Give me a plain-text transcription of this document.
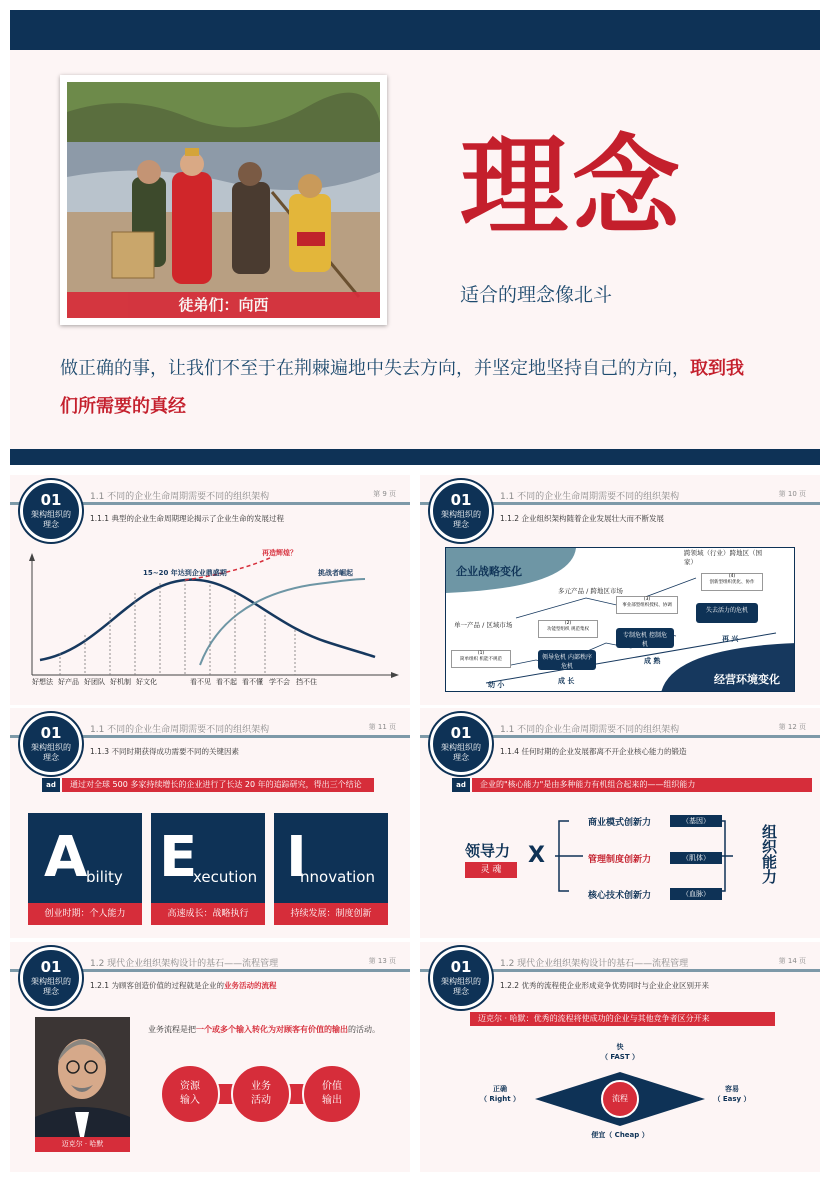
徒弟们：向西
理念
适合的理念像北斗
做正确的事，让我们不至于在荆棘遍地中失去方向，并坚定地坚持自己的方向，取到我们所需要的真经
01
架构组织的理念
1.1 不同的企业生命周期需要不同的组织架构	第 9 页
1.1.1 典型的企业生命周期理论揭示了企业生命的发展过程
15~20 年达到企业鼎盛期
再造辉煌？
挑战者崛起
好想法 好产品 好团队 好机制 好文化	看不见 看不起 看不懂 学不会 挡不住
01
架构组织的理念
1.1 不同的企业生命周期需要不同的组织架构	第 10 页
1.1.2 企业组织架构随着企业发展壮大而不断发展
企业战略变化
经营环境变化
单一产品 / 区域市场
多元产品 / 跨地区市场
跨领域（行业）跨地区（国家）
(1)
简单组织 机能不规范
(2)
功能型组织 规范集权
(3)
事业部型组织授权、协调
(4)
创新型组织优化、协作
领导危机 内部秩序危机
专制危机 控制危机
失去活力的危机
幼 小	成 长
成 熟
再 兴
01
架构组织的理念
1.1 不同的企业生命周期需要不同的组织架构	第 11 页
1.1.3 不同时期获得成功需要不同的关键因素
ad	通过对全球 500 多家持续增长的企业进行了长达 20 年的追踪研究，得出三个结论
A
bility
创业时期：个人能力
E
xecution
高速成长：战略执行
I
nnovation
持续发展：制度创新
01
架构组织的理念
1.1 不同的企业生命周期需要不同的组织架构	第 12 页
1.1.4 任何时期的企业发展都离不开企业核心能力的锻造
ad	企业的"核心能力"是由多种能力有机组合起来的——组织能力
领导力
灵 魂
X
商业模式创新力	（基因）
管理制度创新力	（肌体）
核心技术创新力	（血脉）
组织能力
01
架构组织的理念
1.2 现代企业组织架构设计的基石——流程管理	第 13 页
1.2.1 为顾客创造价值的过程就是企业的业务活动的流程
迈克尔 · 哈默
业务流程是把一个或多个输入转化为对顾客有价值的输出的活动。
资源输入
业务活动
价值输出
01
架构组织的理念
1.2 现代企业组织架构设计的基石——流程管理	第 14 页
1.2.2 优秀的流程使企业形成竞争优势同时与企业企业区别开来
迈克尔 · 哈默：优秀的流程将使成功的企业与其他竞争者区分开来
流程
快
（ FAST ）
正确
（ Right ）
容易
（ Easy ）
便宜（ Cheap ）
